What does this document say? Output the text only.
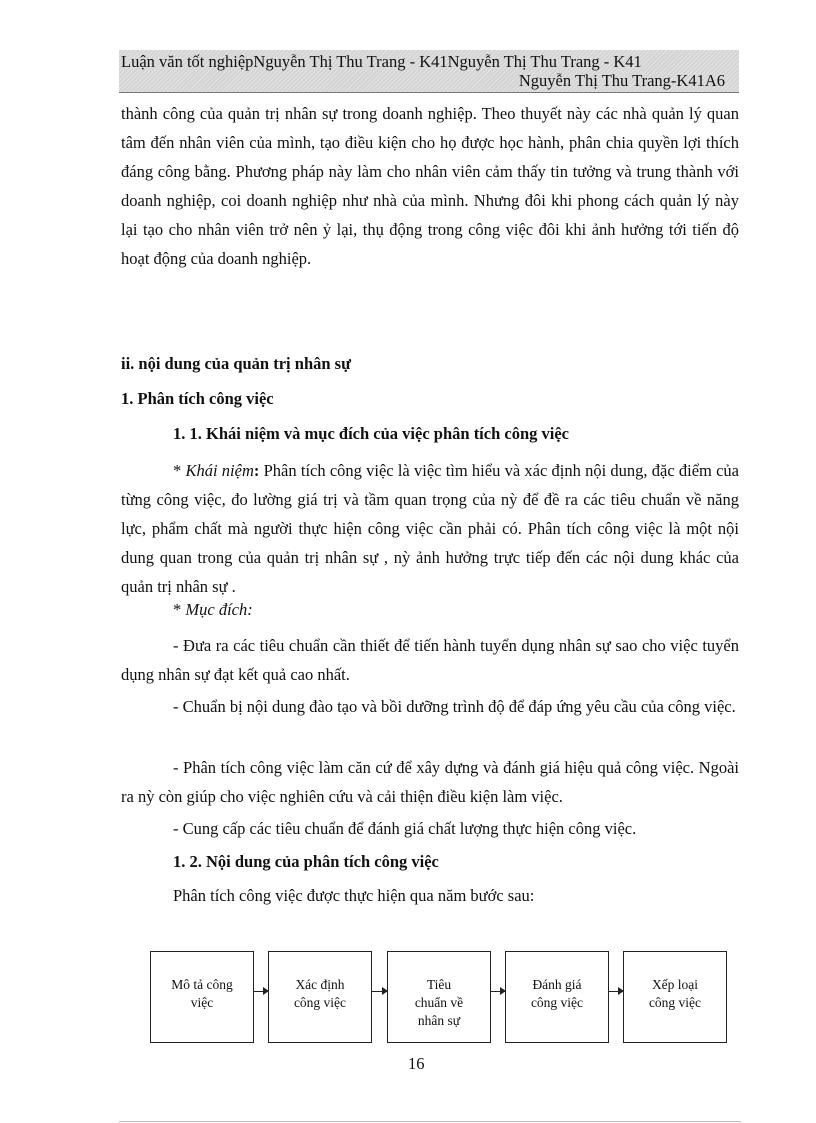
Luận văn tốt nghiệpNguyễn Thị Thu Trang - K41Nguyễn Thị Thu Trang - K41
Nguyễn Thị Thu Trang-K41A6
thành công của quản trị nhân sự trong doanh nghiệp. Theo thuyết này các nhà quản lý quan tâm đến nhân viên của mình, tạo điều kiện cho họ được học hành, phân chia quyền lợi thích đáng công bằng. Phương pháp này làm cho nhân viên cảm thấy tin tưởng và trung thành với doanh nghiệp, coi doanh nghiệp như nhà của mình. Nhưng đôi khi phong cách quản lý này lại tạo cho nhân viên trở nên ỷ lại, thụ động trong công việc đôi khi ảnh hưởng tới tiến độ hoạt động của doanh nghiệp.
ii. nội dung của quản trị nhân sự
1. Phân tích công việc
1. 1. Khái niệm và mục đích của việc phân tích công việc
* Khái niệm: Phân tích công việc là việc tìm hiểu và xác định nội dung, đặc điểm của từng công việc, đo lường giá trị và tầm quan trọng của nỳ để đề ra các tiêu chuẩn về năng lực, phẩm chất mà người thực hiện công việc cần phải có. Phân tích công việc là một nội dung quan trong của quản trị nhân sự , nỳ ảnh hưởng trực tiếp đến các nội dung khác của quản trị nhân sự .
* Mục đích:
- Đưa ra các tiêu chuẩn cần thiết để tiến hành tuyển dụng nhân sự sao cho việc tuyển dụng nhân sự đạt kết quả cao nhất.
- Chuẩn bị nội dung đào tạo và bồi dưỡng trình độ để đáp ứng yêu cầu của công việc.
- Phân tích công việc làm căn cứ để xây dựng và đánh giá hiệu quả công việc. Ngoài ra nỳ còn giúp cho việc nghiên cứu và cải thiện điều kiện làm việc.
- Cung cấp các tiêu chuẩn để đánh giá chất lượng thực hiện công việc.
1. 2. Nội dung của phân tích công việc
Phân tích công việc được thực hiện qua năm bước sau:
Mô tả công
việc
Xác định
công việc
Tiêu
chuẩn về
nhân sự
Đánh giá
công việc
Xếp loại
công việc
16
